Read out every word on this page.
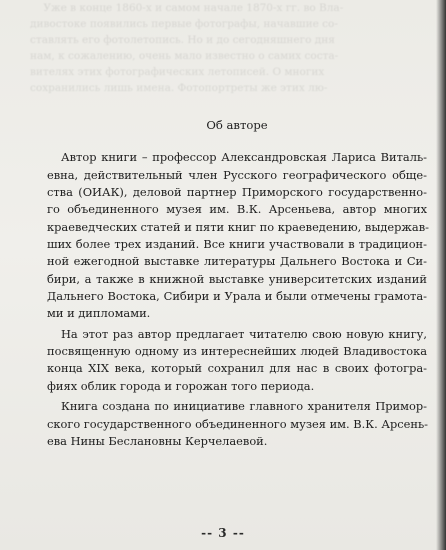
Уже в конце 1860-х и самом начале 1870-х гг. во Вла-
дивостоке появились первые фотографы, начавшие со-
ставлять его фотолетопись. Но и до сегодняшнего дня
нам, к сожалению, очень мало известно о самих соста-
вителях этих фотографических летописей. О многих
сохранились лишь имена. Фотопортреты же этих лю-
Об авторе
Автор книги – профессор Александровская Лариса Виталь-
евна, действительный член Русского географического обще-
ства (ОИАК), деловой партнер Приморского государственно-
го объединенного музея им. В.К. Арсеньева, автор многих
краеведческих статей и пяти книг по краеведению, выдержав-
ших более трех изданий. Все книги участвовали в традицион-
ной ежегодной выставке литературы Дальнего Востока и Си-
бири, а также в книжной выставке университетских изданий
Дальнего Востока, Сибири и Урала и были отмечены грамота-
ми и дипломами.
На этот раз автор предлагает читателю свою новую книгу,
посвященную одному из интереснейших людей Владивостока
конца XIX века, который сохранил для нас в своих фотогра-
фиях облик города и горожан того периода.
Книга создана по инициативе главного хранителя Примор-
ского государственного объединенного музея им. В.К. Арсень-
ева Нины Беслановны Керчелаевой.
-- 3 --
